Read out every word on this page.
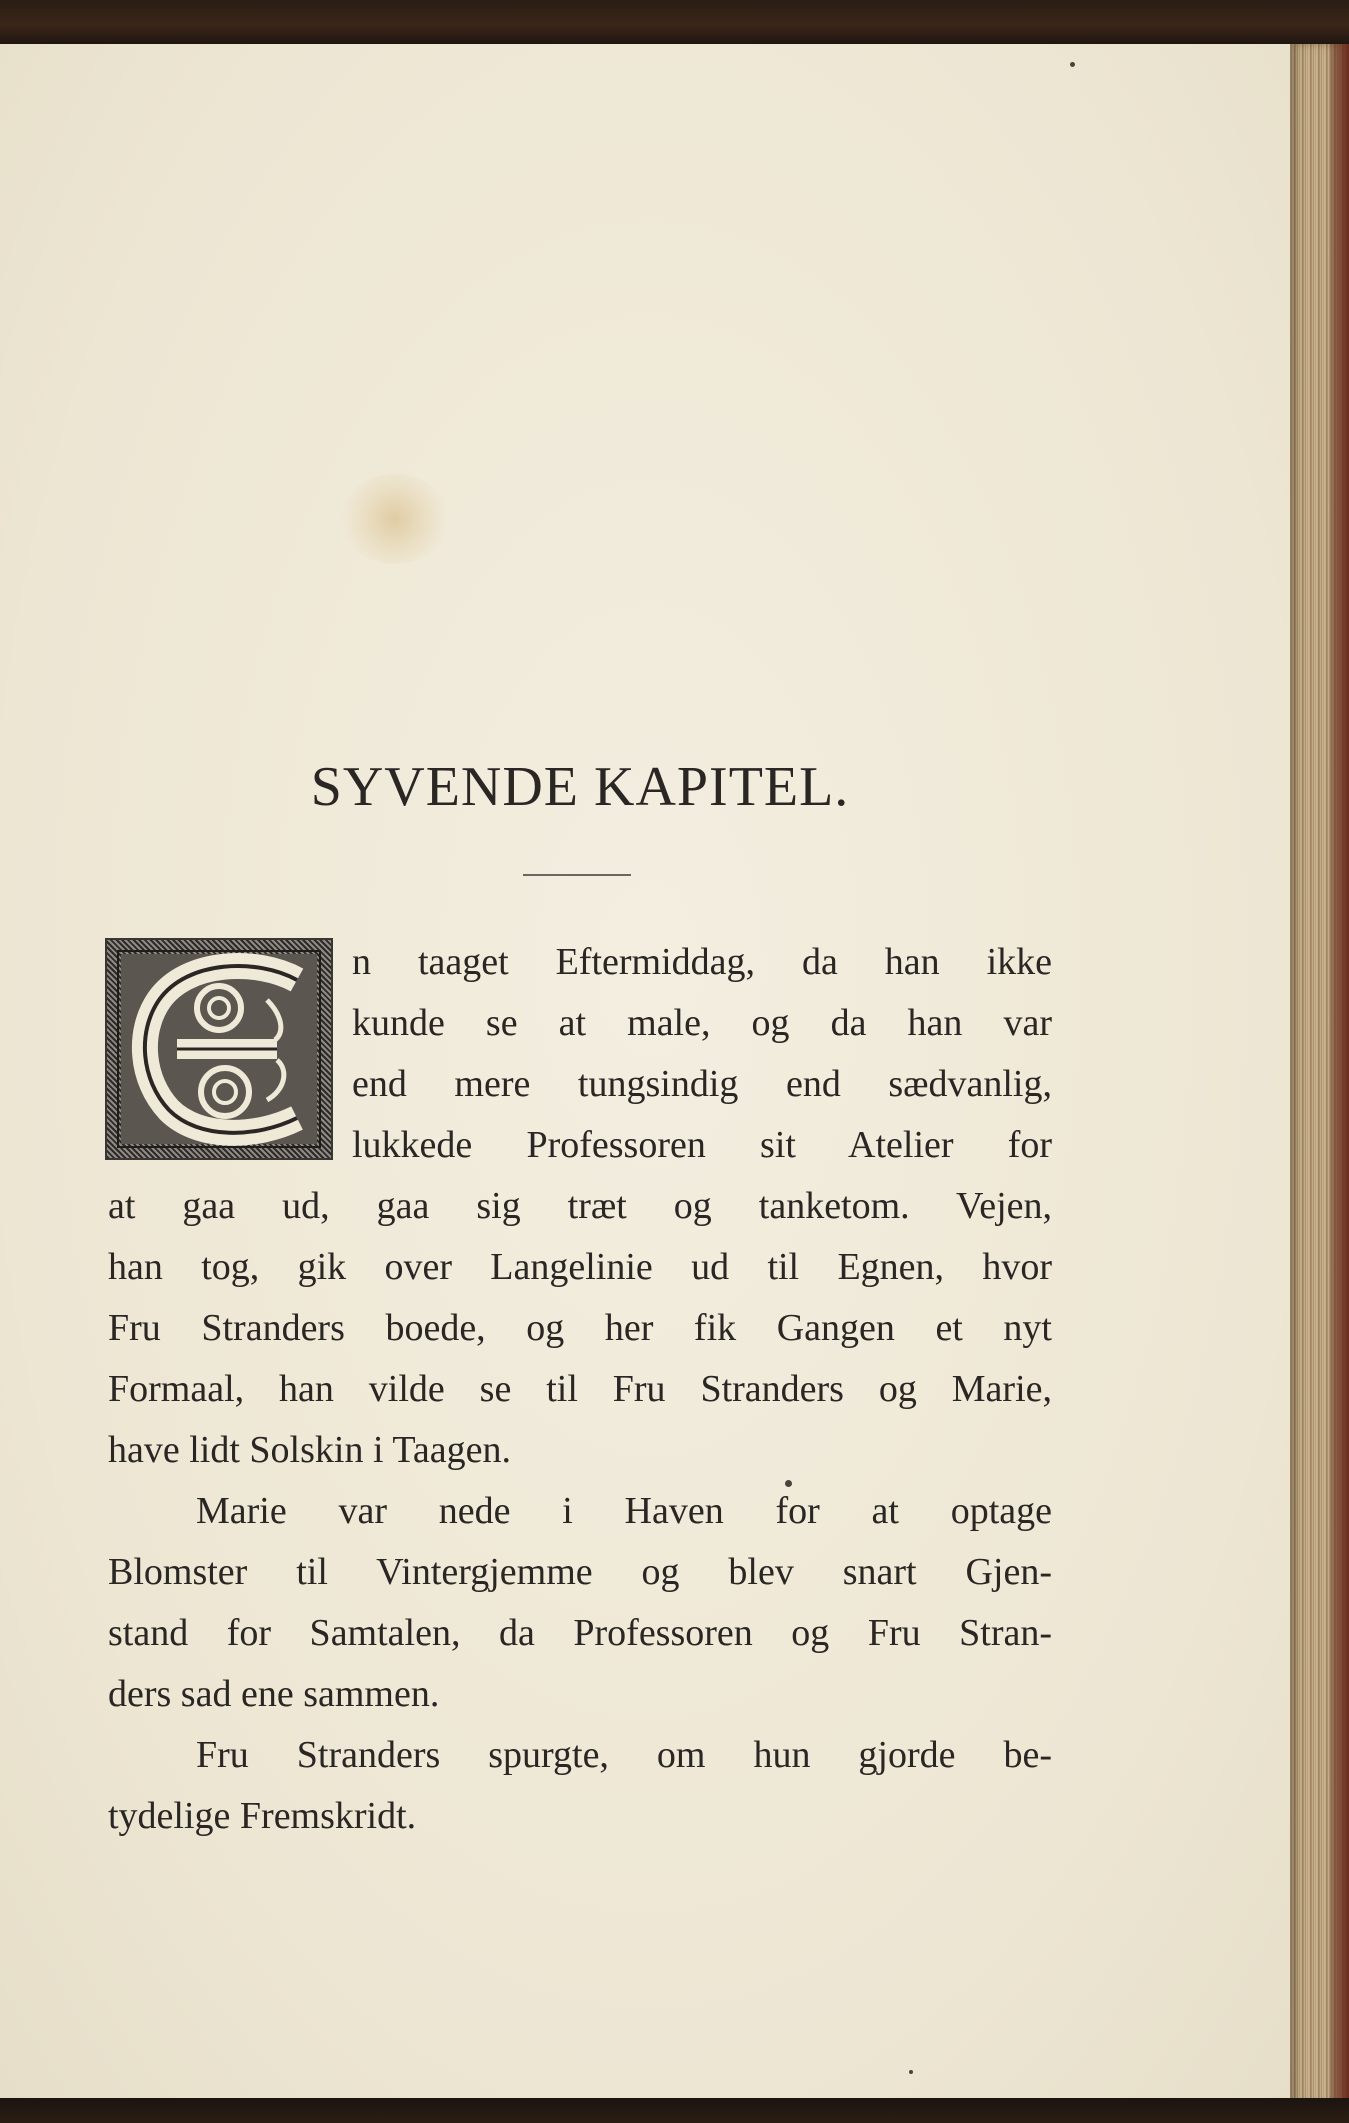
SYVENDE KAPITEL.
n taaget Eftermiddag, da han ikke
kunde se at male, og da han var
end mere tungsindig end sædvanlig,
lukkede Professoren sit Atelier for
at gaa ud, gaa sig træt og tanketom. Vejen,
han tog, gik over Langelinie ud til Egnen, hvor
Fru Stranders boede, og her fik Gangen et nyt
Formaal, han vilde se til Fru Stranders og Marie,
have lidt Solskin i Taagen.
Marie var nede i Haven for at optage
Blomster til Vintergjemme og blev snart Gjen-
stand for Samtalen, da Professoren og Fru Stran-
ders sad ene sammen.
Fru Stranders spurgte, om hun gjorde be-
tydelige Fremskridt.
